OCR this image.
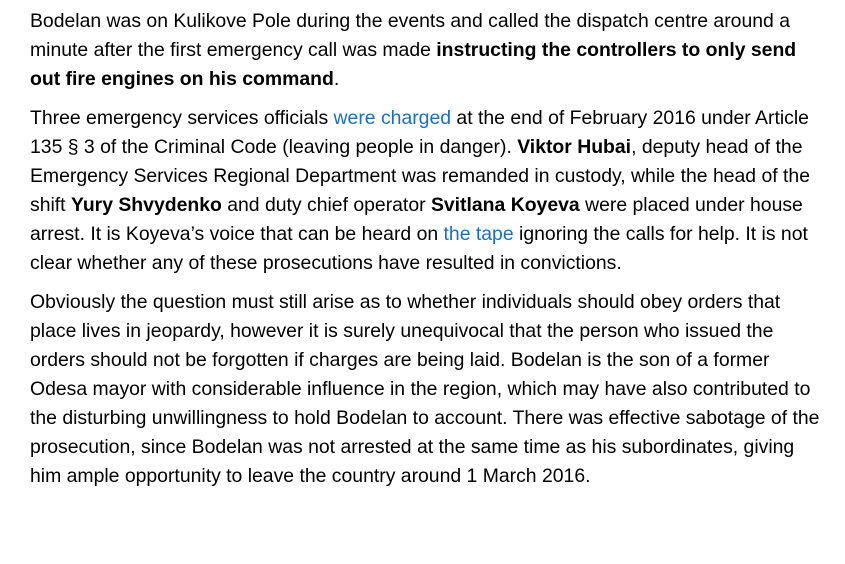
Bodelan was on Kulikove Pole during the events and called the dispatch centre around a minute after the first emergency call was made instructing the controllers to only send out fire engines on his command.

Three emergency services officials were charged at the end of February 2016 under Article 135 § 3 of the Criminal Code (leaving people in danger). Viktor Hubai, deputy head of the Emergency Services Regional Department was remanded in custody, while the head of the shift Yury Shvydenko and duty chief operator Svitlana Koyeva were placed under house arrest. It is Koyeva’s voice that can be heard on the tape ignoring the calls for help. It is not clear whether any of these prosecutions have resulted in convictions.

Obviously the question must still arise as to whether individuals should obey orders that place lives in jeopardy, however it is surely unequivocal that the person who issued the orders should not be forgotten if charges are being laid. Bodelan is the son of a former Odesa mayor with considerable influence in the region, which may have also contributed to the disturbing unwillingness to hold Bodelan to account. There was effective sabotage of the prosecution, since Bodelan was not arrested at the same time as his subordinates, giving him ample opportunity to leave the country around 1 March 2016.
